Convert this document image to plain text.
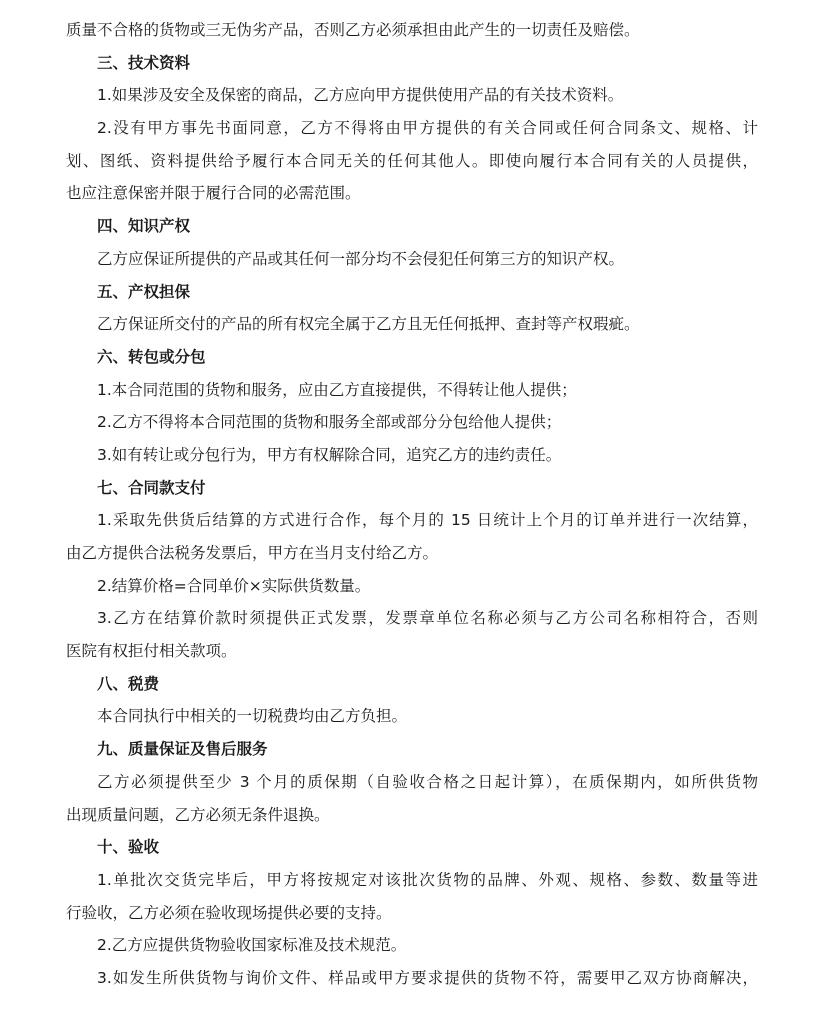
质量不合格的货物或三无伪劣产品，否则乙方必须承担由此产生的一切责任及赔偿。
三、技术资料
1.如果涉及安全及保密的商品，乙方应向甲方提供使用产品的有关技术资料。
2.没有甲方事先书面同意，乙方不得将由甲方提供的有关合同或任何合同条文、规格、计
划、图纸、资料提供给予履行本合同无关的任何其他人。即使向履行本合同有关的人员提供，
也应注意保密并限于履行合同的必需范围。
四、知识产权
乙方应保证所提供的产品或其任何一部分均不会侵犯任何第三方的知识产权。
五、产权担保
乙方保证所交付的产品的所有权完全属于乙方且无任何抵押、查封等产权瑕疵。
六、转包或分包
1.本合同范围的货物和服务，应由乙方直接提供，不得转让他人提供；
2.乙方不得将本合同范围的货物和服务全部或部分分包给他人提供；
3.如有转让或分包行为，甲方有权解除合同，追究乙方的违约责任。
七、合同款支付
1.采取先供货后结算的方式进行合作，每个月的 15 日统计上个月的订单并进行一次结算，
由乙方提供合法税务发票后，甲方在当月支付给乙方。
2.结算价格=合同单价×实际供货数量。
3.乙方在结算价款时须提供正式发票，发票章单位名称必须与乙方公司名称相符合，否则
医院有权拒付相关款项。
八、税费
本合同执行中相关的一切税费均由乙方负担。
九、质量保证及售后服务
乙方必须提供至少 3 个月的质保期（自验收合格之日起计算），在质保期内，如所供货物
出现质量问题，乙方必须无条件退换。
十、验收
1.单批次交货完毕后，甲方将按规定对该批次货物的品牌、外观、规格、参数、数量等进
行验收，乙方必须在验收现场提供必要的支持。
2.乙方应提供货物验收国家标准及技术规范。
3.如发生所供货物与询价文件、样品或甲方要求提供的货物不符，需要甲乙双方协商解决，
